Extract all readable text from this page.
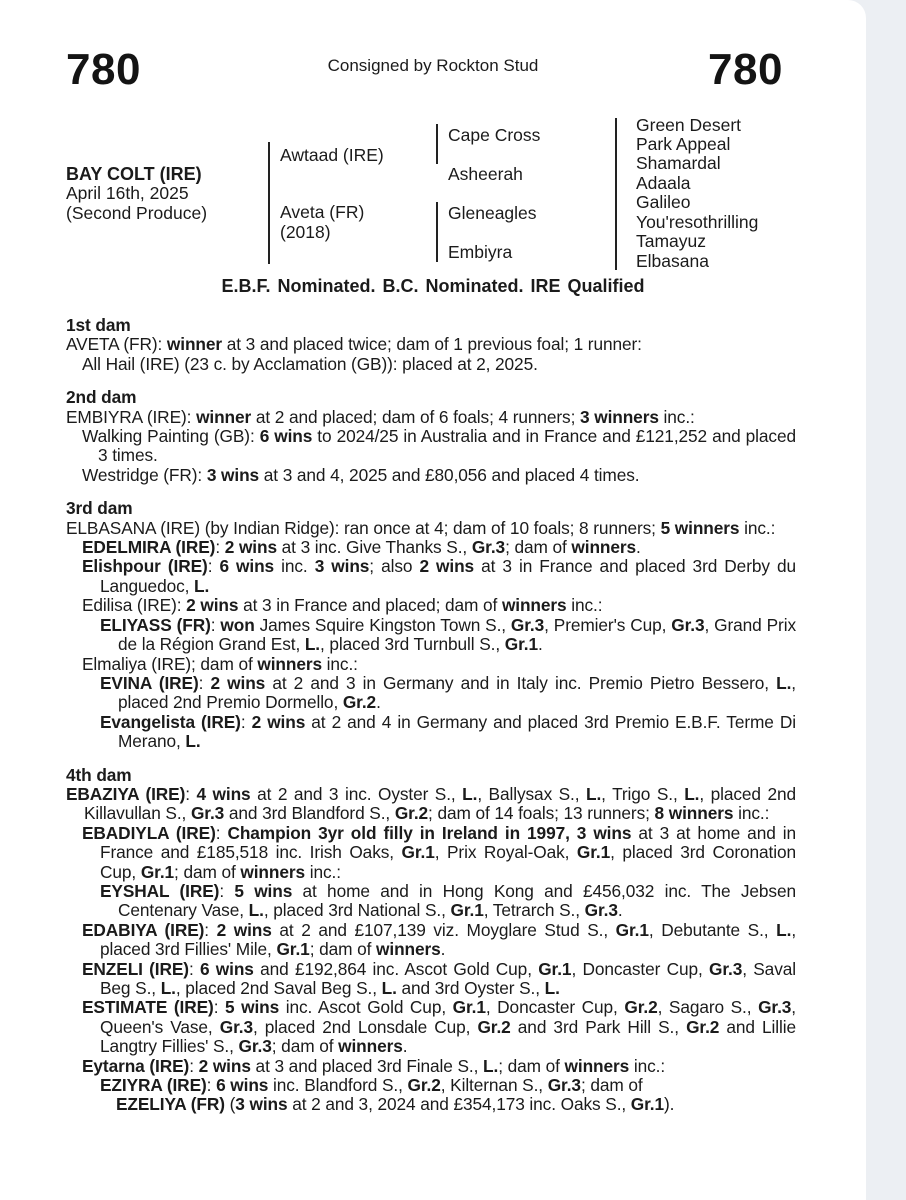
780	Consigned by Rockton Stud	780
BAY COLT (IRE)
April 16th, 2025
(Second Produce)
Awtaad (IRE)
Aveta (FR)
(2018)
Cape Cross
Asheerah
Gleneagles
Embiyra
Green Desert
Park Appeal
Shamardal
Adaala
Galileo
You'resothrilling
Tamayuz
Elbasana
E.B.F. Nominated. B.C. Nominated. IRE Qualified
1st dam
AVETA (FR): winner at 3 and placed twice; dam of 1 previous foal; 1 runner:
All Hail (IRE) (23 c. by Acclamation (GB)): placed at 2, 2025.
2nd dam
EMBIYRA (IRE): winner at 2 and placed; dam of 6 foals; 4 runners; 3 winners inc.:
Walking Painting (GB): 6 wins to 2024/25 in Australia and in France and £121,252 and placed 3 times.
Westridge (FR): 3 wins at 3 and 4, 2025 and £80,056 and placed 4 times.
3rd dam
ELBASANA (IRE) (by Indian Ridge): ran once at 4; dam of 10 foals; 8 runners; 5 winners inc.:
EDELMIRA (IRE): 2 wins at 3 inc. Give Thanks S., Gr.3; dam of winners.
Elishpour (IRE): 6 wins inc. 3 wins; also 2 wins at 3 in France and placed 3rd Derby du Languedoc, L.
Edilisa (IRE): 2 wins at 3 in France and placed; dam of winners inc.:
ELIYASS (FR): won James Squire Kingston Town S., Gr.3, Premier's Cup, Gr.3, Grand Prix de la Région Grand Est, L., placed 3rd Turnbull S., Gr.1.
Elmaliya (IRE); dam of winners inc.:
EVINA (IRE): 2 wins at 2 and 3 in Germany and in Italy inc. Premio Pietro Bessero, L., placed 2nd Premio Dormello, Gr.2.
Evangelista (IRE): 2 wins at 2 and 4 in Germany and placed 3rd Premio E.B.F. Terme Di Merano, L.
4th dam
EBAZIYA (IRE): 4 wins at 2 and 3 inc. Oyster S., L., Ballysax S., L., Trigo S., L., placed 2nd Killavullan S., Gr.3 and 3rd Blandford S., Gr.2; dam of 14 foals; 13 runners; 8 winners inc.:
EBADIYLA (IRE): Champion 3yr old filly in Ireland in 1997, 3 wins at 3 at home and in France and £185,518 inc. Irish Oaks, Gr.1, Prix Royal-Oak, Gr.1, placed 3rd Coronation Cup, Gr.1; dam of winners inc.:
EYSHAL (IRE): 5 wins at home and in Hong Kong and £456,032 inc. The Jebsen Centenary Vase, L., placed 3rd National S., Gr.1, Tetrarch S., Gr.3.
EDABIYA (IRE): 2 wins at 2 and £107,139 viz. Moyglare Stud S., Gr.1, Debutante S., L., placed 3rd Fillies' Mile, Gr.1; dam of winners.
ENZELI (IRE): 6 wins and £192,864 inc. Ascot Gold Cup, Gr.1, Doncaster Cup, Gr.3, Saval Beg S., L., placed 2nd Saval Beg S., L. and 3rd Oyster S., L.
ESTIMATE (IRE): 5 wins inc. Ascot Gold Cup, Gr.1, Doncaster Cup, Gr.2, Sagaro S., Gr.3, Queen's Vase, Gr.3, placed 2nd Lonsdale Cup, Gr.2 and 3rd Park Hill S., Gr.2 and Lillie Langtry Fillies' S., Gr.3; dam of winners.
Eytarna (IRE): 2 wins at 3 and placed 3rd Finale S., L.; dam of winners inc.:
EZIYRA (IRE): 6 wins inc. Blandford S., Gr.2, Kilternan S., Gr.3; dam of
EZELIYA (FR) (3 wins at 2 and 3, 2024 and £354,173 inc. Oaks S., Gr.1).
